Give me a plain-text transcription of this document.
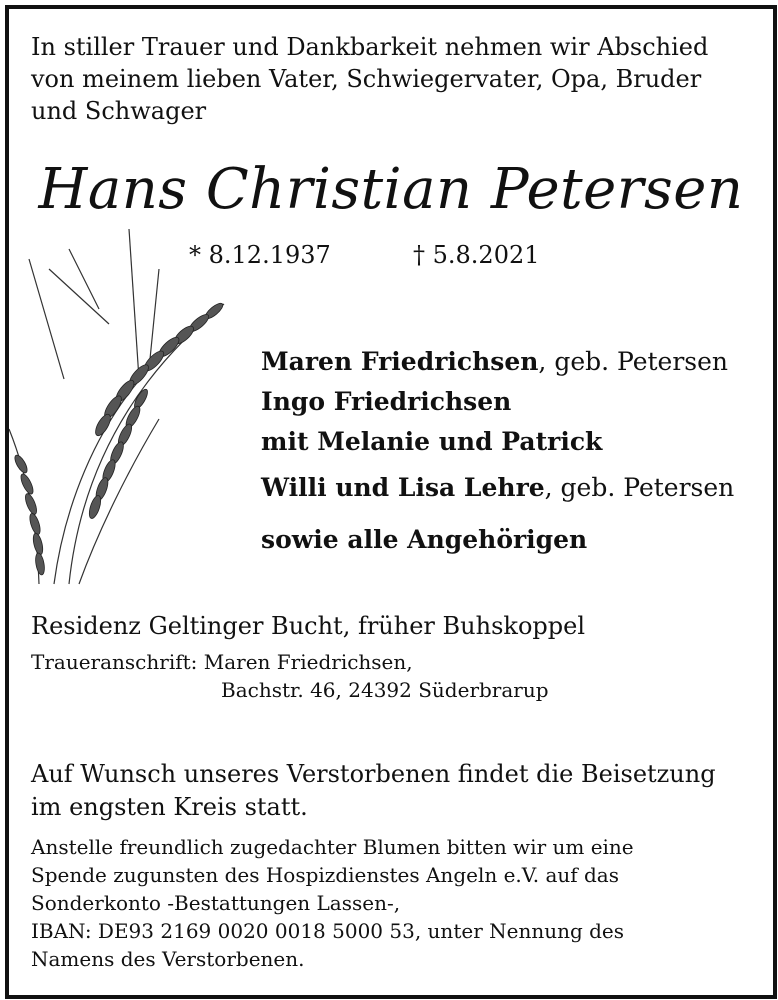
In stiller Trauer und Dankbarkeit nehmen wir Abschied
von meinem lieben Vater, Schwiegervater, Opa, Bruder
und Schwager
Hans Christian Petersen
* 8.12.1937	† 5.8.2021
Maren Friedrichsen, geb. Petersen
Ingo Friedrichsen
mit Melanie und Patrick
Willi und Lisa Lehre, geb. Petersen
sowie alle Angehörigen
Residenz Geltinger Bucht, früher Buhskoppel
Traueranschrift: Maren Friedrichsen,
Bachstr. 46, 24392 Süderbrarup
Auf Wunsch unseres Verstorbenen findet die Beisetzung
im engsten Kreis statt.
Anstelle freundlich zugedachter Blumen bitten wir um eine
Spende zugunsten des Hospizdienstes Angeln e.V. auf das
Sonderkonto -Bestattungen Lassen-,
IBAN: DE93 2169 0020 0018 5000 53, unter Nennung des
Namens des Verstorbenen.
